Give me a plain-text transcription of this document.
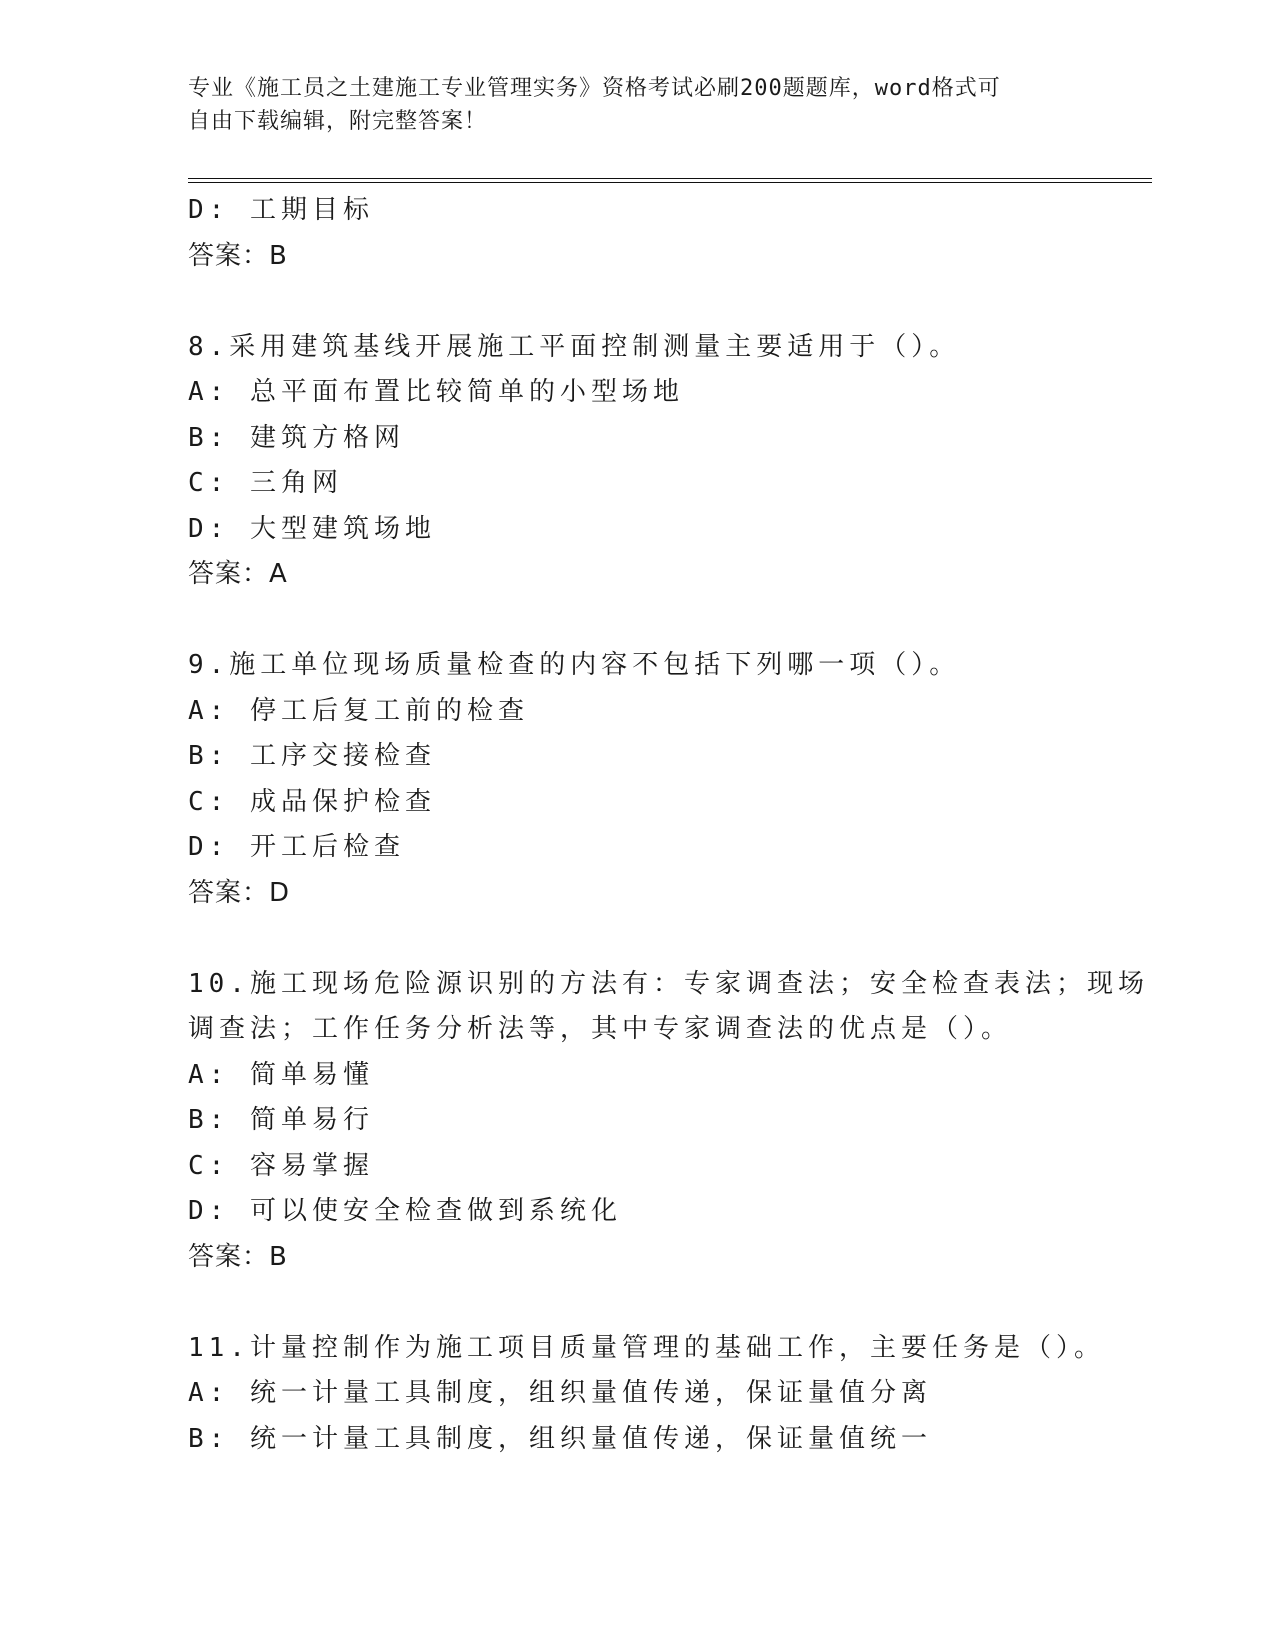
专业《施工员之土建施工专业管理实务》资格考试必刷200题题库，word格式可
自由下载编辑，附完整答案！
D: 工期目标
答案：B
8.采用建筑基线开展施工平面控制测量主要适用于（）。
A: 总平面布置比较简单的小型场地
B: 建筑方格网
C: 三角网
D: 大型建筑场地
答案：A
9.施工单位现场质量检查的内容不包括下列哪一项（）。
A: 停工后复工前的检查
B: 工序交接检查
C: 成品保护检查
D: 开工后检查
答案：D
10.施工现场危险源识别的方法有：专家调查法；安全检查表法；现场
调查法；工作任务分析法等，其中专家调查法的优点是（）。
A: 简单易懂
B: 简单易行
C: 容易掌握
D: 可以使安全检查做到系统化
答案：B
11.计量控制作为施工项目质量管理的基础工作，主要任务是（）。
A: 统一计量工具制度，组织量值传递，保证量值分离
B: 统一计量工具制度，组织量值传递，保证量值统一
